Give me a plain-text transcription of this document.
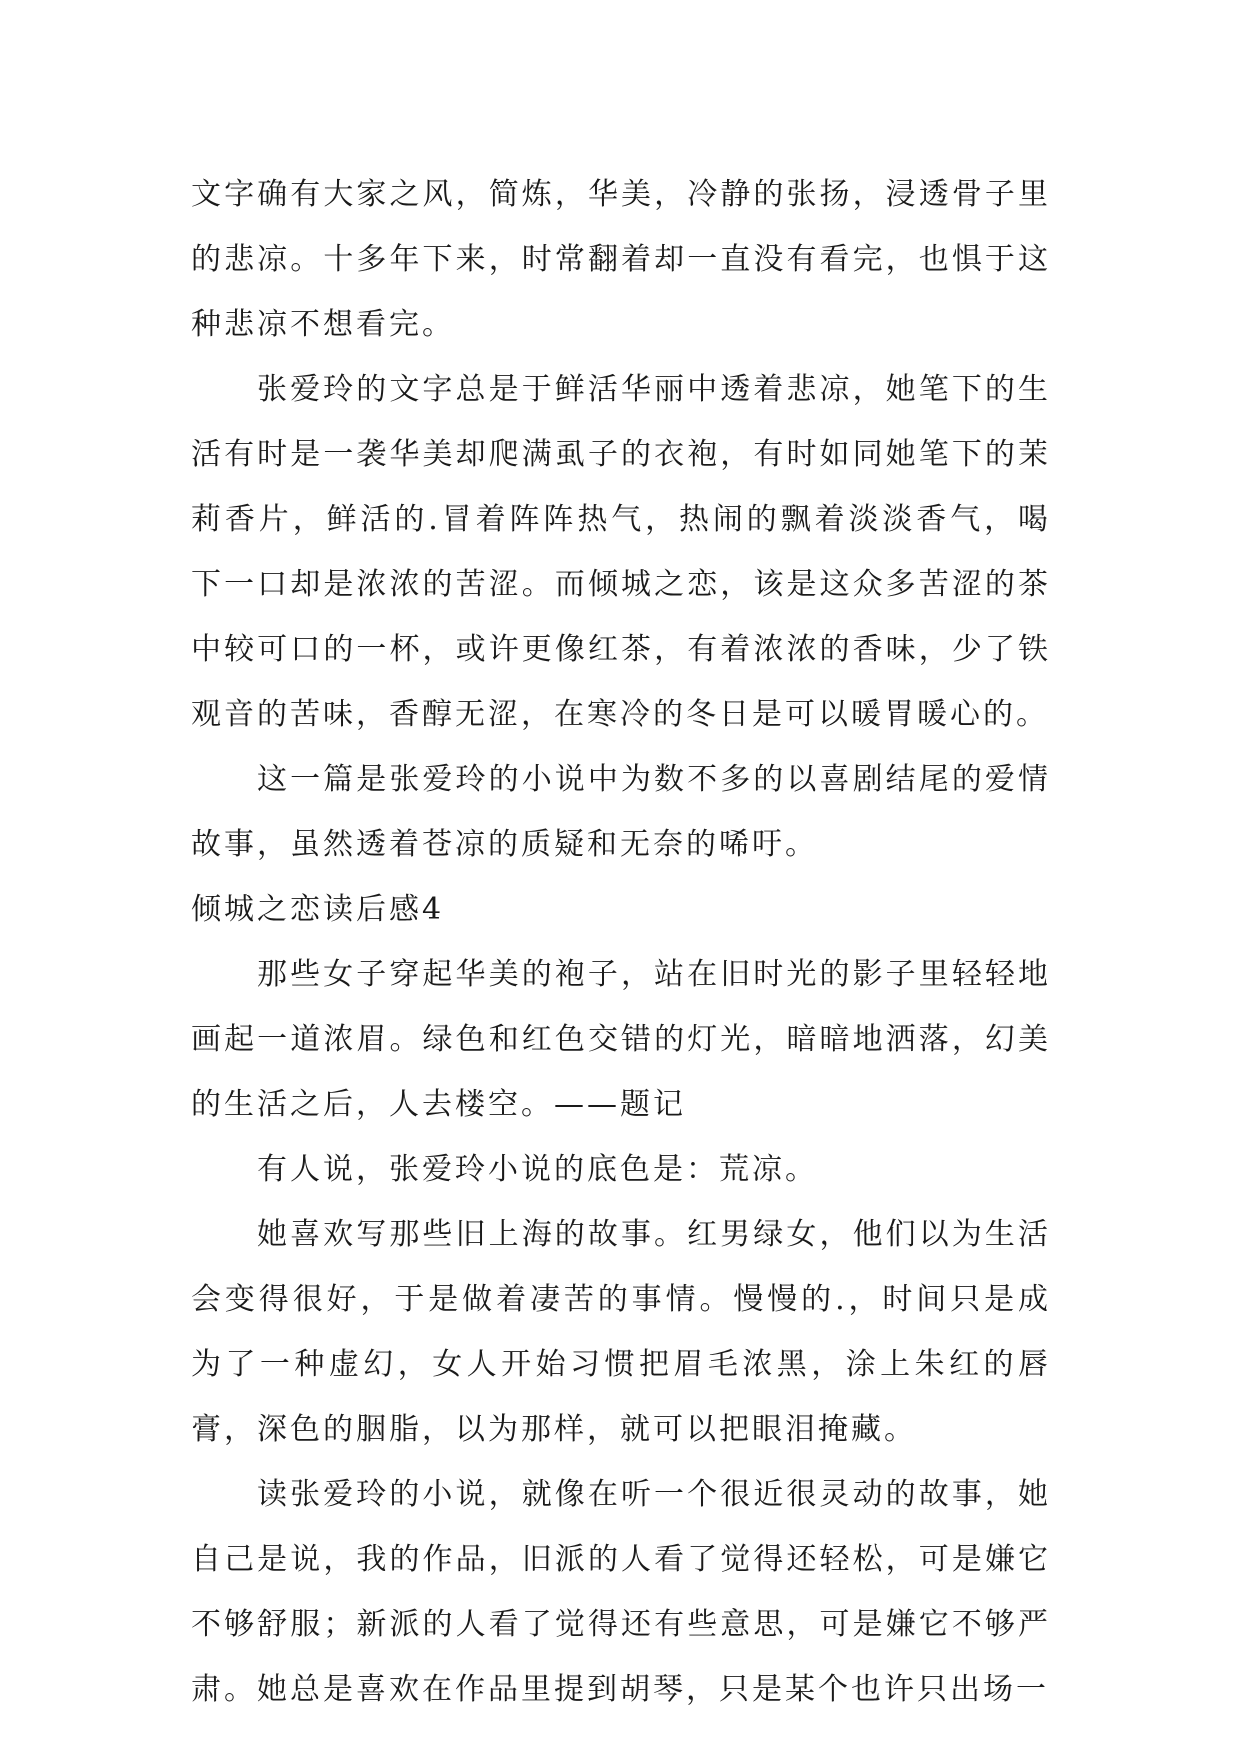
文字确有大家之风，简炼，华美，冷静的张扬，浸透骨子里的悲凉。十多年下来，时常翻着却一直没有看完，也惧于这种悲凉不想看完。

张爱玲的文字总是于鲜活华丽中透着悲凉，她笔下的生活有时是一袭华美却爬满虱子的衣袍，有时如同她笔下的茉莉香片，鲜活的.冒着阵阵热气，热闹的飘着淡淡香气，喝下一口却是浓浓的苦涩。而倾城之恋，该是这众多苦涩的茶中较可口的一杯，或许更像红茶，有着浓浓的香味，少了铁观音的苦味，香醇无涩，在寒冷的冬日是可以暖胃暖心的。

这一篇是张爱玲的小说中为数不多的以喜剧结尾的爱情故事，虽然透着苍凉的质疑和无奈的唏吁。

倾城之恋读后感4

那些女子穿起华美的袍子，站在旧时光的影子里轻轻地画起一道浓眉。绿色和红色交错的灯光，暗暗地洒落，幻美的生活之后，人去楼空。——题记

有人说，张爱玲小说的底色是：荒凉。

她喜欢写那些旧上海的故事。红男绿女，他们以为生活会变得很好，于是做着凄苦的事情。慢慢的.，时间只是成为了一种虚幻，女人开始习惯把眉毛浓黑，涂上朱红的唇膏，深色的胭脂，以为那样，就可以把眼泪掩藏。

读张爱玲的小说，就像在听一个很近很灵动的故事，她自己是说，我的作品，旧派的人看了觉得还轻松，可是嫌它不够舒服；新派的人看了觉得还有些意思，可是嫌它不够严肃。她总是喜欢在作品里提到胡琴，只是某个也许只出场一
